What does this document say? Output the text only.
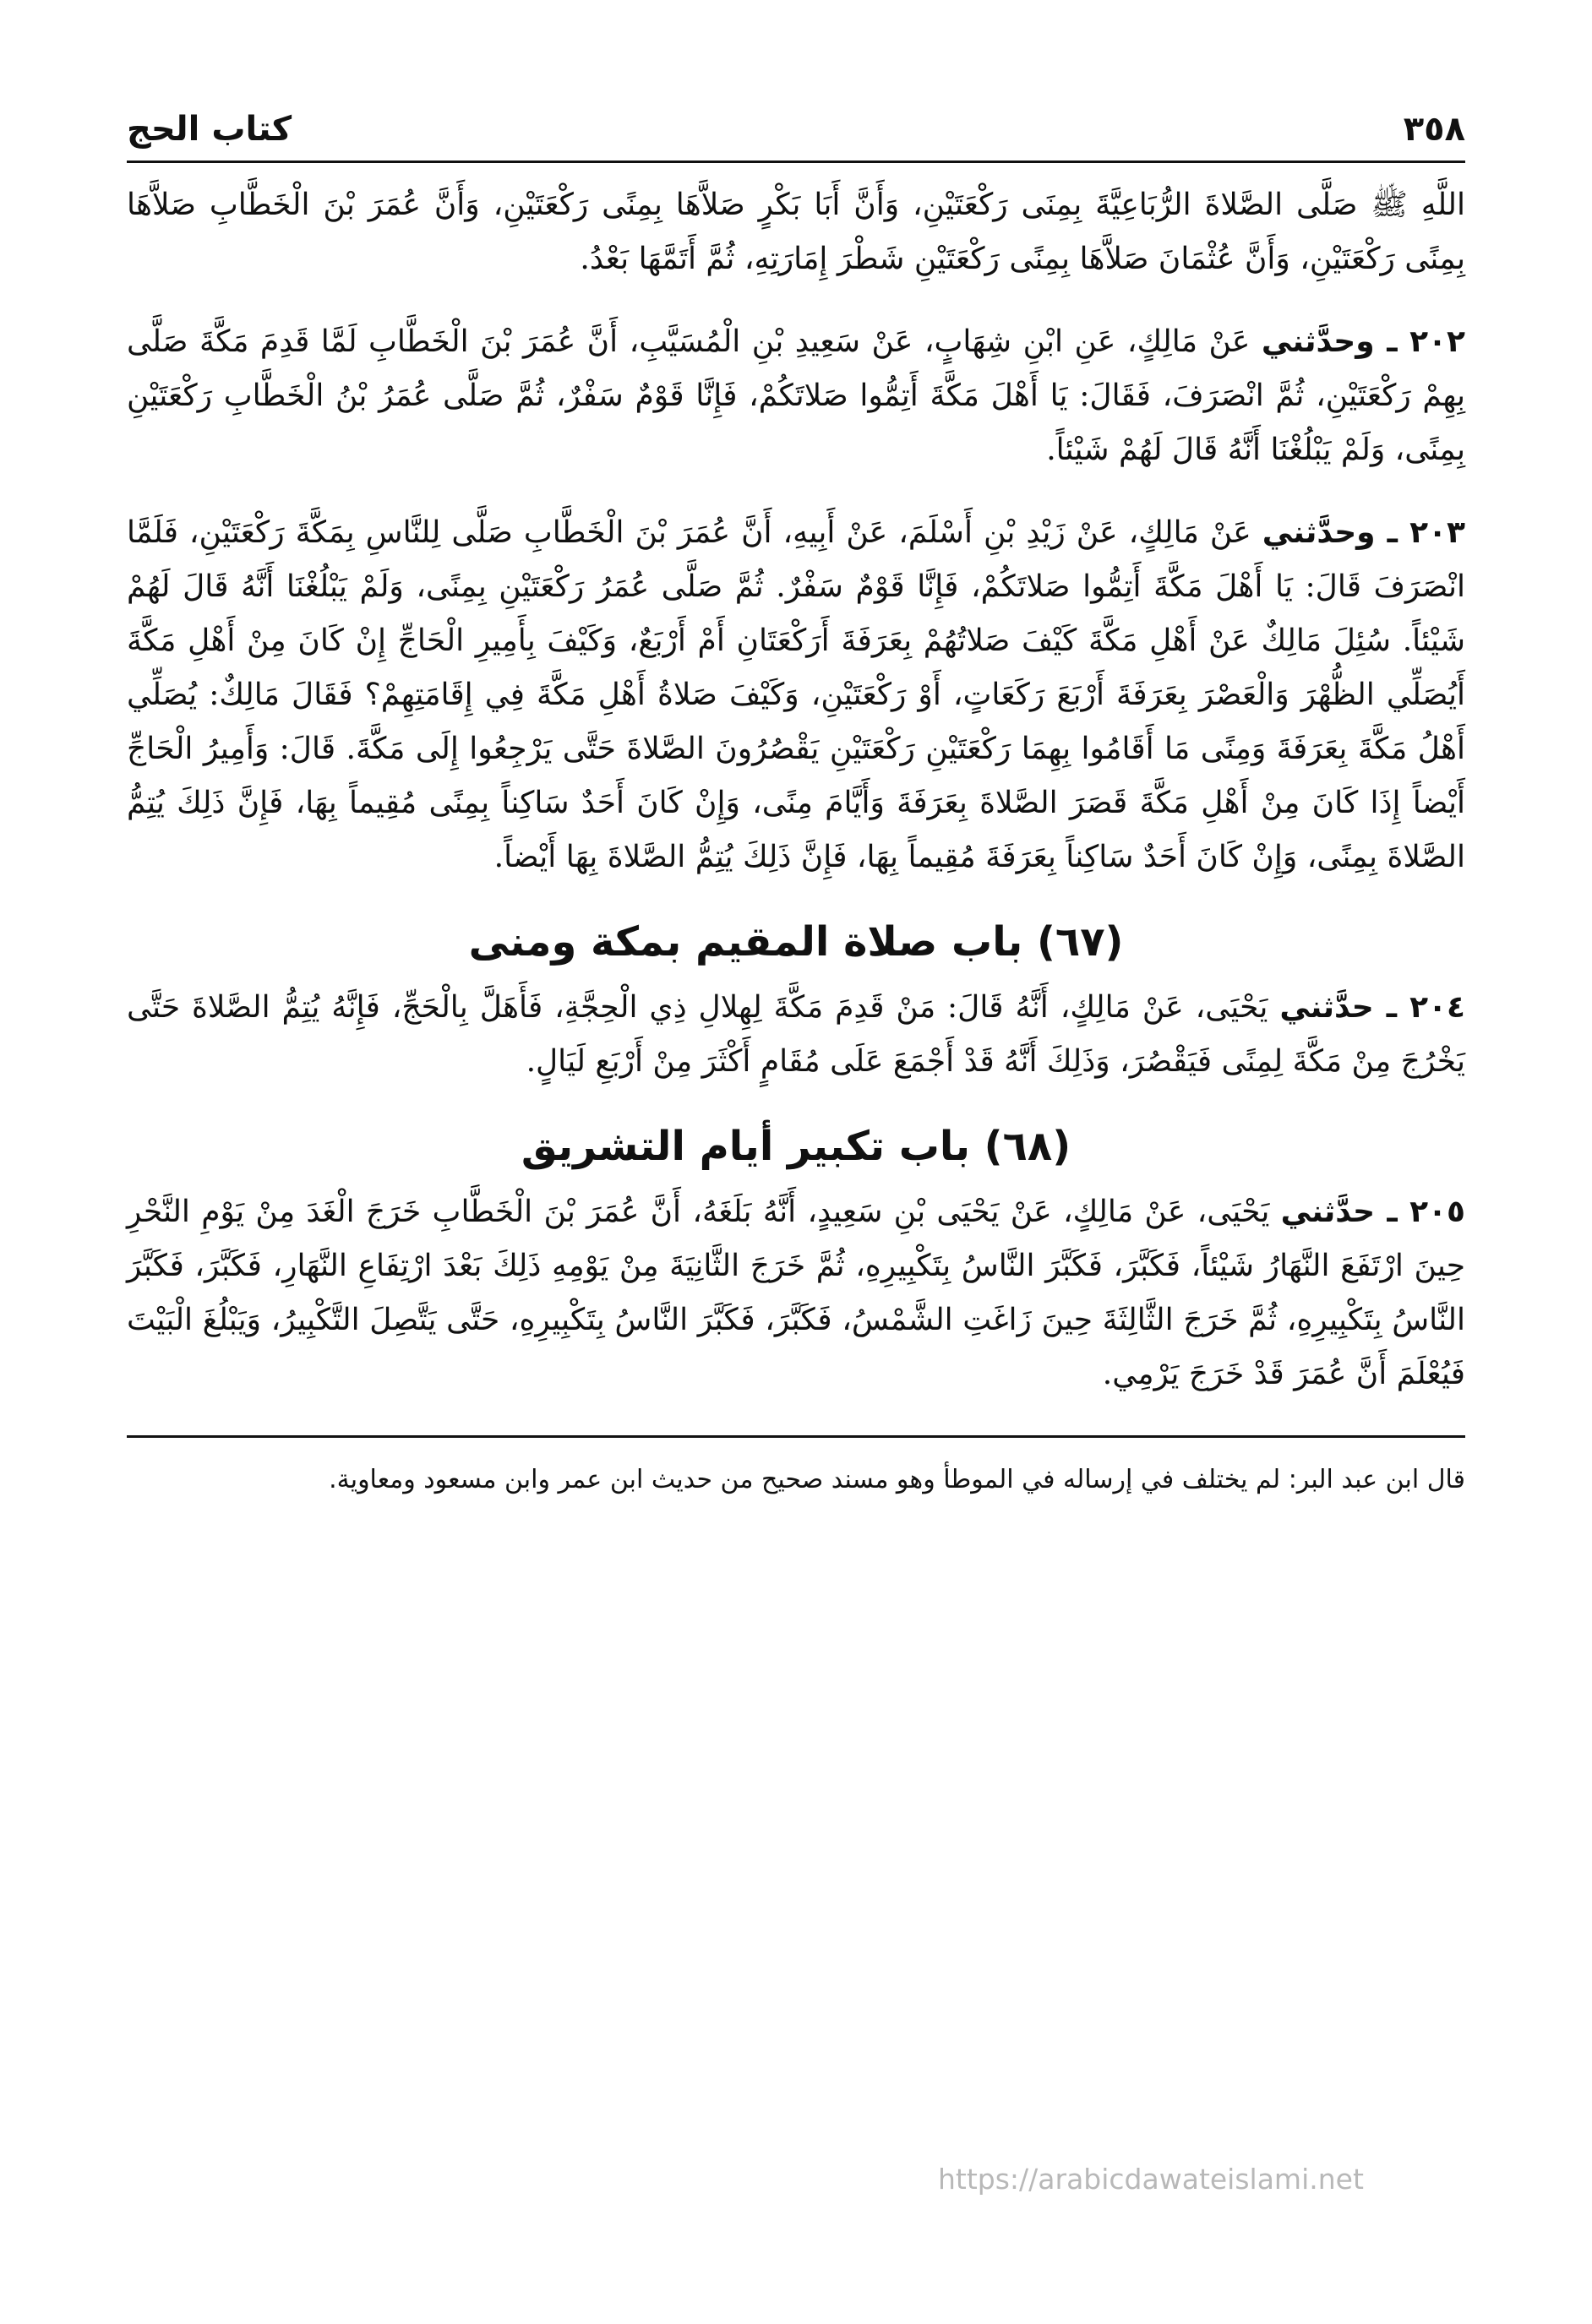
٣٥٨
كتاب الحج

اللَّهِ ﷺ صَلَّى الصَّلاةَ الرُّبَاعِيَّةَ بِمِنَى رَكْعَتَيْنِ، وَأَنَّ أَبَا بَكْرٍ صَلاَّهَا بِمِنًى رَكْعَتَيْنِ، وَأَنَّ عُمَرَ بْنَ الْخَطَّابِ صَلاَّهَا بِمِنًى رَكْعَتَيْنِ، وَأَنَّ عُثْمَانَ صَلاَّهَا بِمِنًى رَكْعَتَيْنِ شَطْرَ إِمَارَتِهِ، ثُمَّ أَتَمَّهَا بَعْدُ.

٢٠٢ ـ وحدَّثني عَنْ مَالِكٍ، عَنِ ابْنِ شِهَابٍ، عَنْ سَعِيدِ بْنِ الْمُسَيَّبِ، أَنَّ عُمَرَ بْنَ الْخَطَّابِ لَمَّا قَدِمَ مَكَّةَ صَلَّى بِهِمْ رَكْعَتَيْنِ، ثُمَّ انْصَرَفَ، فَقَالَ: يَا أَهْلَ مَكَّةَ أَتِمُّوا صَلاتَكُمْ، فَإِنَّا قَوْمٌ سَفْرٌ، ثُمَّ صَلَّى عُمَرُ بْنُ الْخَطَّابِ رَكْعَتَيْنِ بِمِنًى، وَلَمْ يَبْلُغْنَا أَنَّهُ قَالَ لَهُمْ شَيْئاً.

٢٠٣ ـ وحدَّثني عَنْ مَالِكٍ، عَنْ زَيْدِ بْنِ أَسْلَمَ، عَنْ أَبِيهِ، أَنَّ عُمَرَ بْنَ الْخَطَّابِ صَلَّى لِلنَّاسِ بِمَكَّةَ رَكْعَتَيْنِ، فَلَمَّا انْصَرَفَ قَالَ: يَا أَهْلَ مَكَّةَ أَتِمُّوا صَلاتَكُمْ، فَإِنَّا قَوْمٌ سَفْرٌ. ثُمَّ صَلَّى عُمَرُ رَكْعَتَيْنِ بِمِنًى، وَلَمْ يَبْلُغْنَا أَنَّهُ قَالَ لَهُمْ شَيْئاً. سُئِلَ مَالِكٌ عَنْ أَهْلِ مَكَّةَ كَيْفَ صَلاتُهُمْ بِعَرَفَةَ أَرَكْعَتَانِ أَمْ أَرْبَعٌ، وَكَيْفَ بِأَمِيرِ الْحَاجِّ إِنْ كَانَ مِنْ أَهْلِ مَكَّةَ أَيُصَلِّي الظُّهْرَ وَالْعَصْرَ بِعَرَفَةَ أَرْبَعَ رَكَعَاتٍ، أَوْ رَكْعَتَيْنِ، وَكَيْفَ صَلاةُ أَهْلِ مَكَّةَ فِي إِقَامَتِهِمْ؟ فَقَالَ مَالِكٌ: يُصَلِّي أَهْلُ مَكَّةَ بِعَرَفَةَ وَمِنًى مَا أَقَامُوا بِهِمَا رَكْعَتَيْنِ رَكْعَتَيْنِ يَقْصُرُونَ الصَّلاةَ حَتَّى يَرْجِعُوا إِلَى مَكَّةَ. قَالَ: وَأَمِيرُ الْحَاجِّ أَيْضاً إِذَا كَانَ مِنْ أَهْلِ مَكَّةَ قَصَرَ الصَّلاةَ بِعَرَفَةَ وَأَيَّامَ مِنًى، وَإِنْ كَانَ أَحَدٌ سَاكِناً بِمِنًى مُقِيماً بِهَا، فَإِنَّ ذَلِكَ يُتِمُّ الصَّلاةَ بِمِنًى، وَإِنْ كَانَ أَحَدٌ سَاكِناً بِعَرَفَةَ مُقِيماً بِهَا، فَإِنَّ ذَلِكَ يُتِمُّ الصَّلاةَ بِهَا أَيْضاً.

(٦٧) باب صلاة المقيم بمكة ومنى

٢٠٤ ـ حدَّثني يَحْيَى، عَنْ مَالِكٍ، أَنَّهُ قَالَ: مَنْ قَدِمَ مَكَّةَ لِهِلالِ ذِي الْحِجَّةِ، فَأَهَلَّ بِالْحَجِّ، فَإِنَّهُ يُتِمُّ الصَّلاةَ حَتَّى يَخْرُجَ مِنْ مَكَّةَ لِمِنًى فَيَقْصُرَ، وَذَلِكَ أَنَّهُ قَدْ أَجْمَعَ عَلَى مُقَامٍ أَكْثَرَ مِنْ أَرْبَعِ لَيَالٍ.

(٦٨) باب تكبير أيام التشريق

٢٠٥ ـ حدَّثني يَحْيَى، عَنْ مَالِكٍ، عَنْ يَحْيَى بْنِ سَعِيدٍ، أَنَّهُ بَلَغَهُ، أَنَّ عُمَرَ بْنَ الْخَطَّابِ خَرَجَ الْغَدَ مِنْ يَوْمِ النَّحْرِ حِينَ ارْتَفَعَ النَّهَارُ شَيْئاً، فَكَبَّرَ، فَكَبَّرَ النَّاسُ بِتَكْبِيرِهِ، ثُمَّ خَرَجَ الثَّانِيَةَ مِنْ يَوْمِهِ ذَلِكَ بَعْدَ ارْتِفَاعِ النَّهَارِ، فَكَبَّرَ، فَكَبَّرَ النَّاسُ بِتَكْبِيرِهِ، ثُمَّ خَرَجَ الثَّالِثَةَ حِينَ زَاغَتِ الشَّمْسُ، فَكَبَّرَ، فَكَبَّرَ النَّاسُ بِتَكْبِيرِهِ، حَتَّى يَتَّصِلَ التَّكْبِيرُ، وَيَبْلُغَ الْبَيْتَ فَيُعْلَمَ أَنَّ عُمَرَ قَدْ خَرَجَ يَرْمِي.

قال ابن عبد البر: لم يختلف في إرساله في الموطأ وهو مسند صحيح من حديث ابن عمر وابن مسعود ومعاوية.
https://arabicdawateislami.net
